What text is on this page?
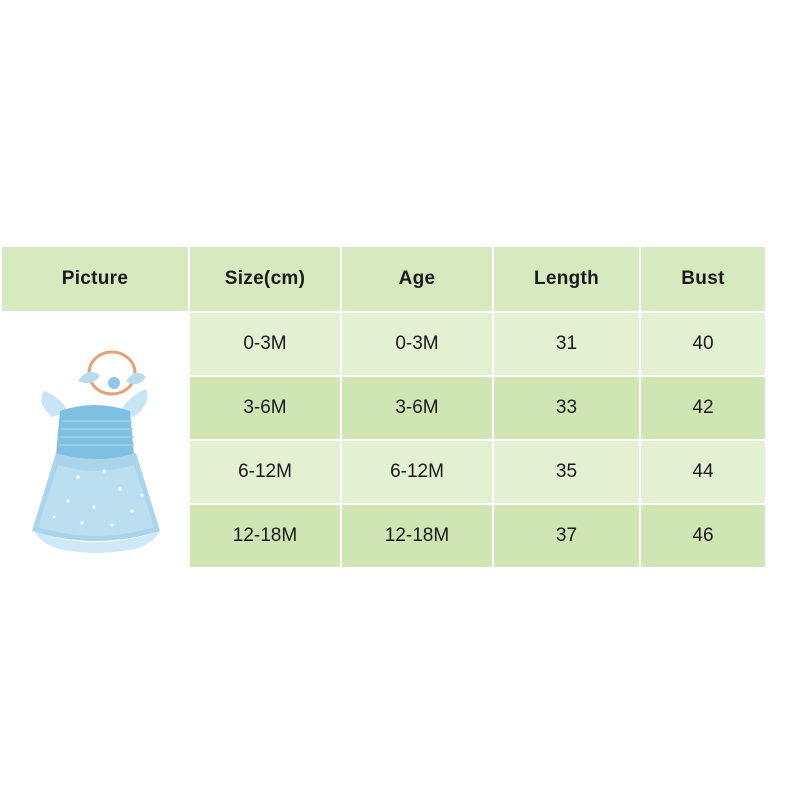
Picture	Size(cm)	Age	Length	Bust

	0-3M	0-3M	31	40
	3-6M	3-6M	33	42
	6-12M	6-12M	35	44
	12-18M	12-18M	37	46
